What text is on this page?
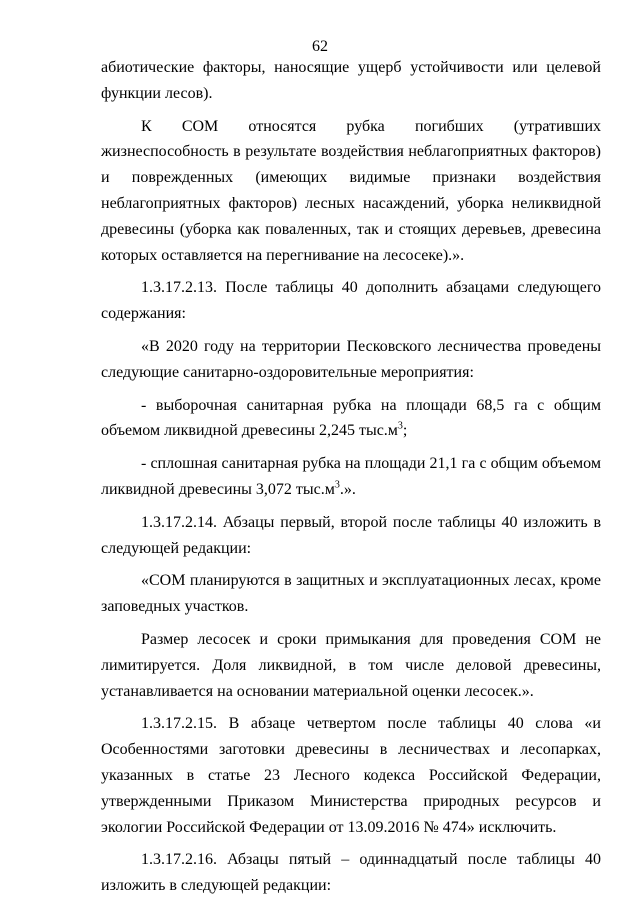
62

абиотические факторы, наносящие ущерб устойчивости или целевой функции лесов).

К СОМ относятся рубка погибших (утративших жизнеспособность в результате воздействия неблагоприятных факторов) и поврежденных (имеющих видимые признаки воздействия неблагоприятных факторов) лесных насаждений, уборка неликвидной древесины (уборка как поваленных, так и стоящих деревьев, древесина которых оставляется на перегнивание на лесосеке).».

1.3.17.2.13. После таблицы 40 дополнить абзацами следующего содержания:

«В 2020 году на территории Песковского лесничества проведены следующие санитарно-оздоровительные мероприятия:

- выборочная санитарная рубка на площади 68,5 га с общим объемом ликвидной древесины 2,245 $тыс.м^3$;

- сплошная санитарная рубка на площади 21,1 га с общим объемом ликвидной древесины 3,072 $тыс.м^3$.».

1.3.17.2.14. Абзацы первый, второй после таблицы 40 изложить в следующей редакции:

«СОМ планируются в защитных и эксплуатационных лесах, кроме заповедных участков.

Размер лесосек и сроки примыкания для проведения СОМ не лимитируется. Доля ликвидной, в том числе деловой древесины, устанавливается на основании материальной оценки лесосек.».

1.3.17.2.15. В абзаце четвертом после таблицы 40 слова «и Особенностями заготовки древесины в лесничествах и лесопарках, указанных в статье 23 Лесного кодекса Российской Федерации, утвержденными Приказом Министерства природных ресурсов и экологии Российской Федерации от 13.09.2016 № 474» исключить.

1.3.17.2.16. Абзацы пятый – одиннадцатый после таблицы 40 изложить в следующей редакции:
